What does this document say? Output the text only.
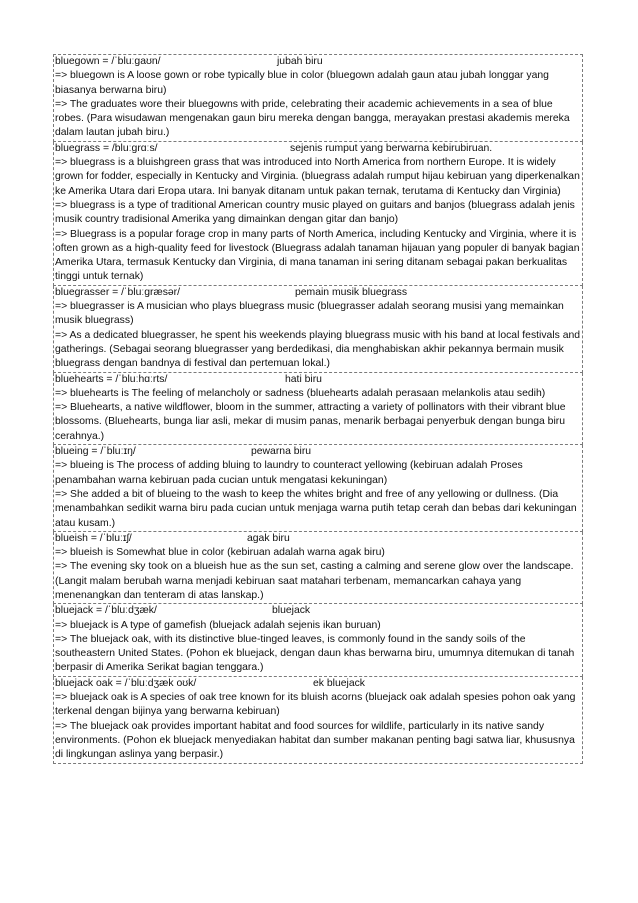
bluegown = /ˈbluːɡaʊn/	jubah biru
=> bluegown is A loose gown or robe typically blue in color (bluegown adalah gaun atau jubah longgar yang biasanya berwarna biru)
=> The graduates wore their bluegowns with pride, celebrating their academic achievements in a sea of blue robes. (Para wisudawan mengenakan gaun biru mereka dengan bangga, merayakan prestasi akademis mereka dalam lautan jubah biru.)
bluegrass = /bluːɡrɑːs/	sejenis rumput yang berwarna kebirubiruan.
=> bluegrass is a bluishgreen grass that was introduced into North America from northern Europe. It is widely grown for fodder, especially in Kentucky and Virginia. (bluegrass adalah rumput hijau kebiruan yang diperkenalkan ke Amerika Utara dari Eropa utara. Ini banyak ditanam untuk pakan ternak, terutama di Kentucky dan Virginia)
=> bluegrass is a type of traditional American country music played on guitars and banjos (bluegrass adalah jenis musik country tradisional Amerika yang dimainkan dengan gitar dan banjo)
=> Bluegrass is a popular forage crop in many parts of North America, including Kentucky and Virginia, where it is often grown as a high-quality feed for livestock (Bluegrass adalah tanaman hijauan yang populer di banyak bagian Amerika Utara, termasuk Kentucky dan Virginia, di mana tanaman ini sering ditanam sebagai pakan berkualitas tinggi untuk ternak)
bluegrasser = /ˈbluːɡræsər/	pemain musik bluegrass
=> bluegrasser is A musician who plays bluegrass music (bluegrasser adalah seorang musisi yang memainkan musik bluegrass)
=> As a dedicated bluegrasser, he spent his weekends playing bluegrass music with his band at local festivals and gatherings. (Sebagai seorang bluegrasser yang berdedikasi, dia menghabiskan akhir pekannya bermain musik bluegrass dengan bandnya di festival dan pertemuan lokal.)
bluehearts = /ˈbluːhɑːrts/	hati biru
=> bluehearts is The feeling of melancholy or sadness (bluehearts adalah perasaan melankolis atau sedih)
=> Bluehearts, a native wildflower, bloom in the summer, attracting a variety of pollinators with their vibrant blue blossoms. (Bluehearts, bunga liar asli, mekar di musim panas, menarik berbagai penyerbuk dengan bunga biru cerahnya.)
blueing = /ˈbluːɪŋ/	pewarna biru
=> blueing is The process of adding bluing to laundry to counteract yellowing (kebiruan adalah Proses penambahan warna kebiruan pada cucian untuk mengatasi kekuningan)
=> She added a bit of blueing to the wash to keep the whites bright and free of any yellowing or dullness. (Dia menambahkan sedikit warna biru pada cucian untuk menjaga warna putih tetap cerah dan bebas dari kekuningan atau kusam.)
blueish = /ˈbluːɪʃ/	agak biru
=> blueish is Somewhat blue in color (kebiruan adalah warna agak biru)
=> The evening sky took on a blueish hue as the sun set, casting a calming and serene glow over the landscape. (Langit malam berubah warna menjadi kebiruan saat matahari terbenam, memancarkan cahaya yang menenangkan dan tenteram di atas lanskap.)
bluejack = /ˈbluːdʒæk/	bluejack
=> bluejack is A type of gamefish (bluejack adalah sejenis ikan buruan)
=> The bluejack oak, with its distinctive blue-tinged leaves, is commonly found in the sandy soils of the southeastern United States. (Pohon ek bluejack, dengan daun khas berwarna biru, umumnya ditemukan di tanah berpasir di Amerika Serikat bagian tenggara.)
bluejack oak = /ˈbluːdʒæk oʊk/	ek bluejack
=> bluejack oak is A species of oak tree known for its bluish acorns (bluejack oak adalah spesies pohon oak yang terkenal dengan bijinya yang berwarna kebiruan)
=> The bluejack oak provides important habitat and food sources for wildlife, particularly in its native sandy environments. (Pohon ek bluejack menyediakan habitat dan sumber makanan penting bagi satwa liar, khususnya di lingkungan aslinya yang berpasir.)
